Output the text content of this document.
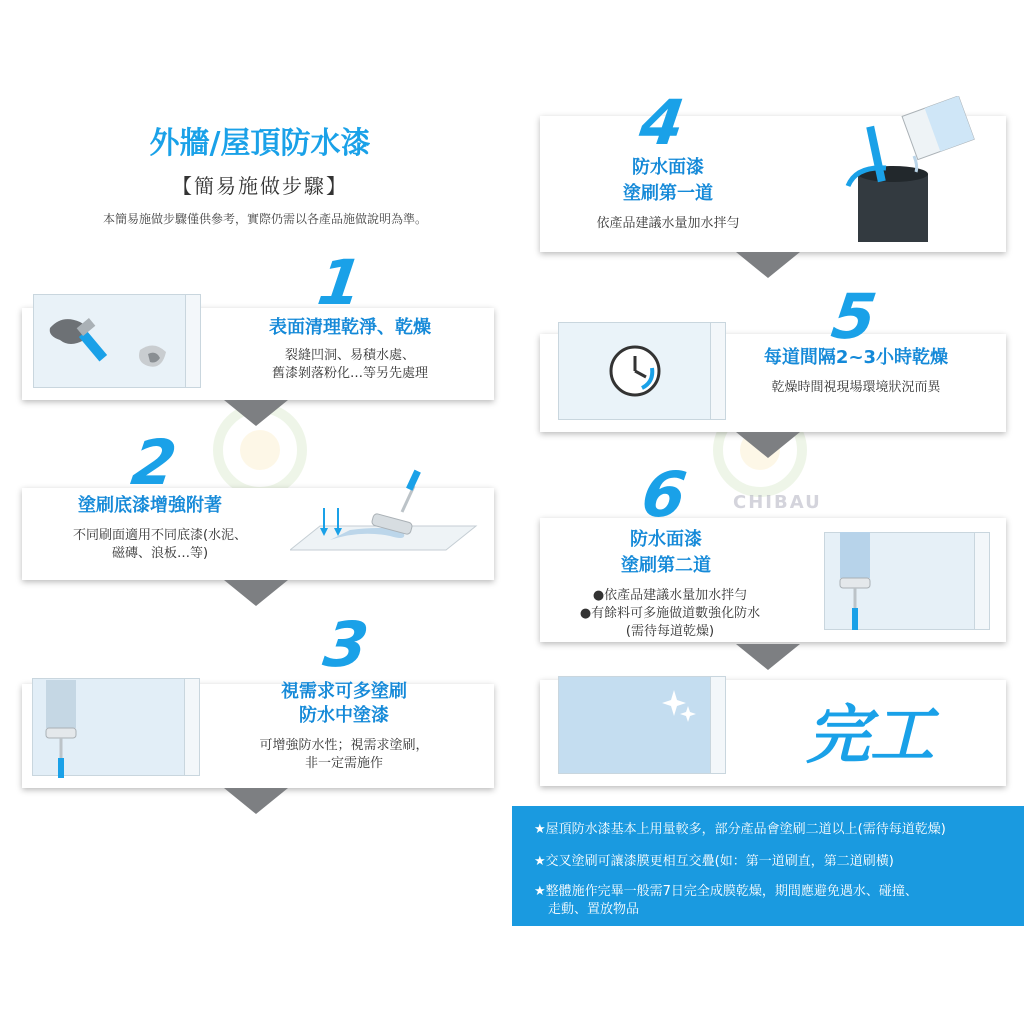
CHIBAU
外牆/屋頂防水漆
【簡易施做步驟】
本簡易施做步驟僅供參考，實際仍需以各產品施做說明為準。
1
表面清理乾淨、乾燥
裂縫凹洞、易積水處、
舊漆剝落粉化…等另先處理
2
塗刷底漆增強附著
不同刷面適用不同底漆(水泥、
磁磚、浪板…等)
3
視需求可多塗刷
防水中塗漆
可增強防水性；視需求塗刷，
非一定需施作
4
防水面漆
塗刷第一道
依產品建議水量加水拌勻
5
每道間隔2~3小時乾燥
乾燥時間視現場環境狀況而異
6
防水面漆
塗刷第二道
●依產品建議水量加水拌勻
●有餘料可多施做道數強化防水
(需待每道乾燥)
完工
★屋頂防水漆基本上用量較多，部分產品會塗刷二道以上(需待每道乾燥)
★交叉塗刷可讓漆膜更相互交疊(如：第一道刷直，第二道刷橫)
★整體施作完畢一般需7日完全成膜乾燥，期間應避免遇水、碰撞、
走動、置放物品
